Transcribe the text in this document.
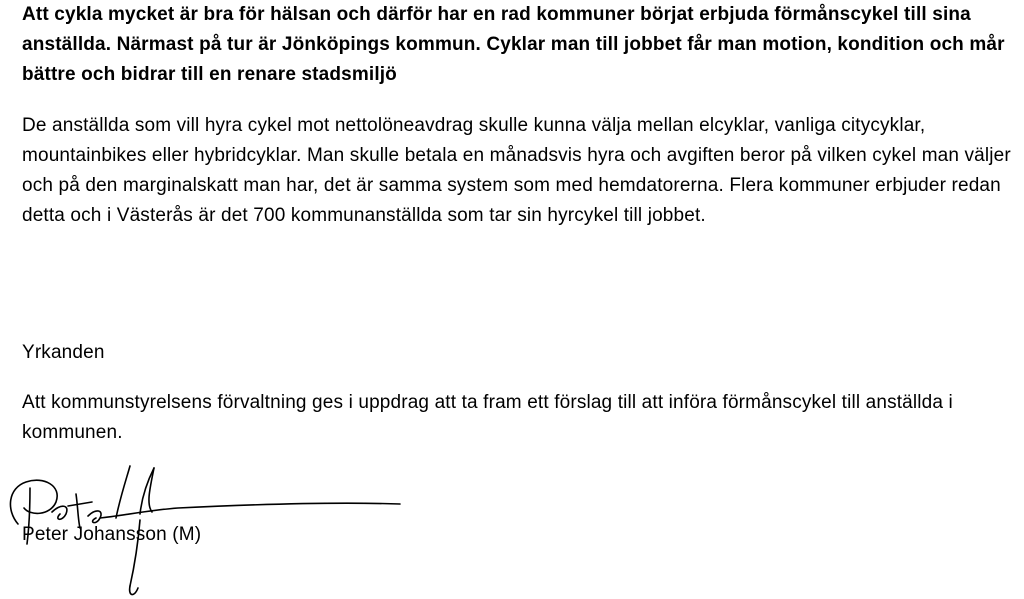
Att cykla mycket är bra för hälsan och därför har en rad kommuner börjat erbjuda förmånscykel till sina anställda. Närmast på tur är Jönköpings kommun. Cyklar man till jobbet får man motion, kondition och mår bättre och bidrar till en renare stadsmiljö

De anställda som vill hyra cykel mot nettolöneavdrag skulle kunna välja mellan elcyklar, vanliga citycyklar, mountainbikes eller hybridcyklar. Man skulle betala en månadsvis hyra och avgiften beror på vilken cykel man väljer och på den marginalskatt man har, det är samma system som med hemdatorerna. Flera kommuner erbjuder redan detta och i Västerås är det 700 kommunanställda som tar sin hyrcykel till jobbet.

Yrkanden

Att kommunstyrelsens förvaltning ges i uppdrag att ta fram ett förslag till att införa förmånscykel till anställda i kommunen.

Peter Johansson (M)
